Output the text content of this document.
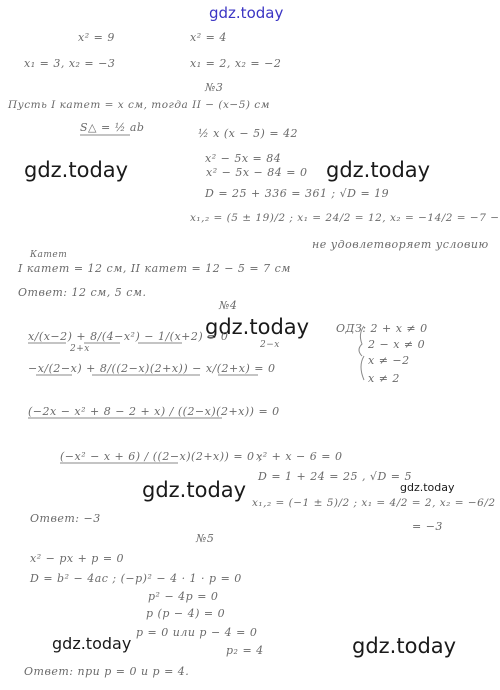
gdz.today
x² = 9	x² = 4
x₁ = 3, x₂ = −3	x₁ = 2, x₂ = −2
№3
Пусть I катет = x см, тогда II − (x−5) см
S△ = ½ ab	½ x (x − 5) = 42
x² − 5x = 84
gdz.today	gdz.today
x² − 5x − 84 = 0
D = 25 + 336 = 361 ; √D = 19
x₁,₂ = (5 ± 19)/2 ; x₁ = 24/2 = 12, x₂ = −14/2 = −7 −
не удовлетворяет условию
Катет
I катет = 12 см, II катет = 12 − 5 = 7 см
Ответ: 12 см, 5 см.
№4
gdz.today
x/(x−2) + 8/(4−x²) − 1/(x+2) = 0
ОДЗ: 2 + x ≠ 0
2+x	2−x	2 − x ≠ 0
−x/(2−x) + 8/((2−x)(2+x)) − x/(2+x) = 0
x ≠ −2
x ≠ 2
(−2x − x² + 8 − 2 + x) / ((2−x)(2+x)) = 0
(−x² − x + 6) / ((2−x)(2+x)) = 0 ;
x² + x − 6 = 0
D = 1 + 24 = 25 , √D = 5
gdz.today	gdz.today
x₁,₂ = (−1 ± 5)/2 ; x₁ = 4/2 = 2, x₂ = −6/2
= −3
Ответ: −3
№5
x² − px + p = 0
D = b² − 4ac ; (−p)² − 4 · 1 · p = 0
p² − 4p = 0
p (p − 4) = 0
p = 0 или p − 4 = 0
p₂ = 4
gdz.today	gdz.today
Ответ: при p = 0 и p = 4.
